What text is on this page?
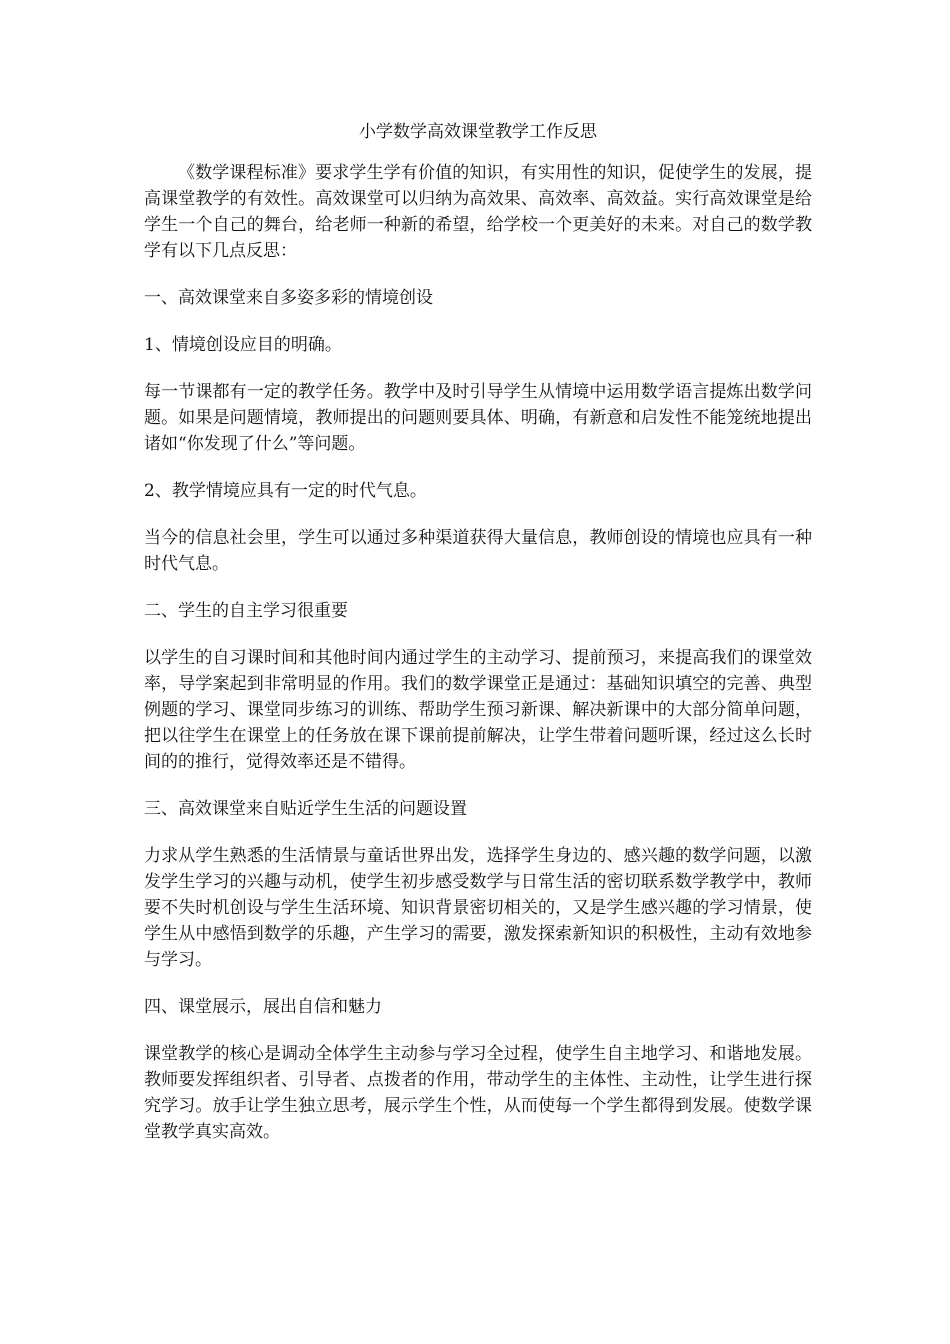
小学数学高效课堂教学工作反思

《数学课程标准》要求学生学有价值的知识，有实用性的知识，促使学生的发展，提高课堂教学的有效性。高效课堂可以归纳为高效果、高效率、高效益。实行高效课堂是给学生一个自己的舞台，给老师一种新的希望，给学校一个更美好的未来。对自己的数学教学有以下几点反思：

一、高效课堂来自多姿多彩的情境创设

1、情境创设应目的明确。

每一节课都有一定的教学任务。教学中及时引导学生从情境中运用数学语言提炼出数学问题。如果是问题情境，教师提出的问题则要具体、明确，有新意和启发性不能笼统地提出诸如“你发现了什么”等问题。

2、教学情境应具有一定的时代气息。

当今的信息社会里，学生可以通过多种渠道获得大量信息，教师创设的情境也应具有一种时代气息。

二、学生的自主学习很重要

以学生的自习课时间和其他时间内通过学生的主动学习、提前预习，来提高我们的课堂效率，导学案起到非常明显的作用。我们的数学课堂正是通过：基础知识填空的完善、典型例题的学习、课堂同步练习的训练、帮助学生预习新课、解决新课中的大部分简单问题，把以往学生在课堂上的任务放在课下课前提前解决，让学生带着问题听课，经过这么长时间的的推行，觉得效率还是不错得。

三、高效课堂来自贴近学生生活的问题设置

力求从学生熟悉的生活情景与童话世界出发，选择学生身边的、感兴趣的数学问题，以激发学生学习的兴趣与动机，使学生初步感受数学与日常生活的密切联系数学教学中，教师要不失时机创设与学生生活环境、知识背景密切相关的，又是学生感兴趣的学习情景，使学生从中感悟到数学的乐趣，产生学习的需要，激发探索新知识的积极性，主动有效地参与学习。

四、课堂展示，展出自信和魅力

课堂教学的核心是调动全体学生主动参与学习全过程，使学生自主地学习、和谐地发展。教师要发挥组织者、引导者、点拨者的作用，带动学生的主体性、主动性，让学生进行探究学习。放手让学生独立思考，展示学生个性，从而使每一个学生都得到发展。使数学课堂教学真实高效。
